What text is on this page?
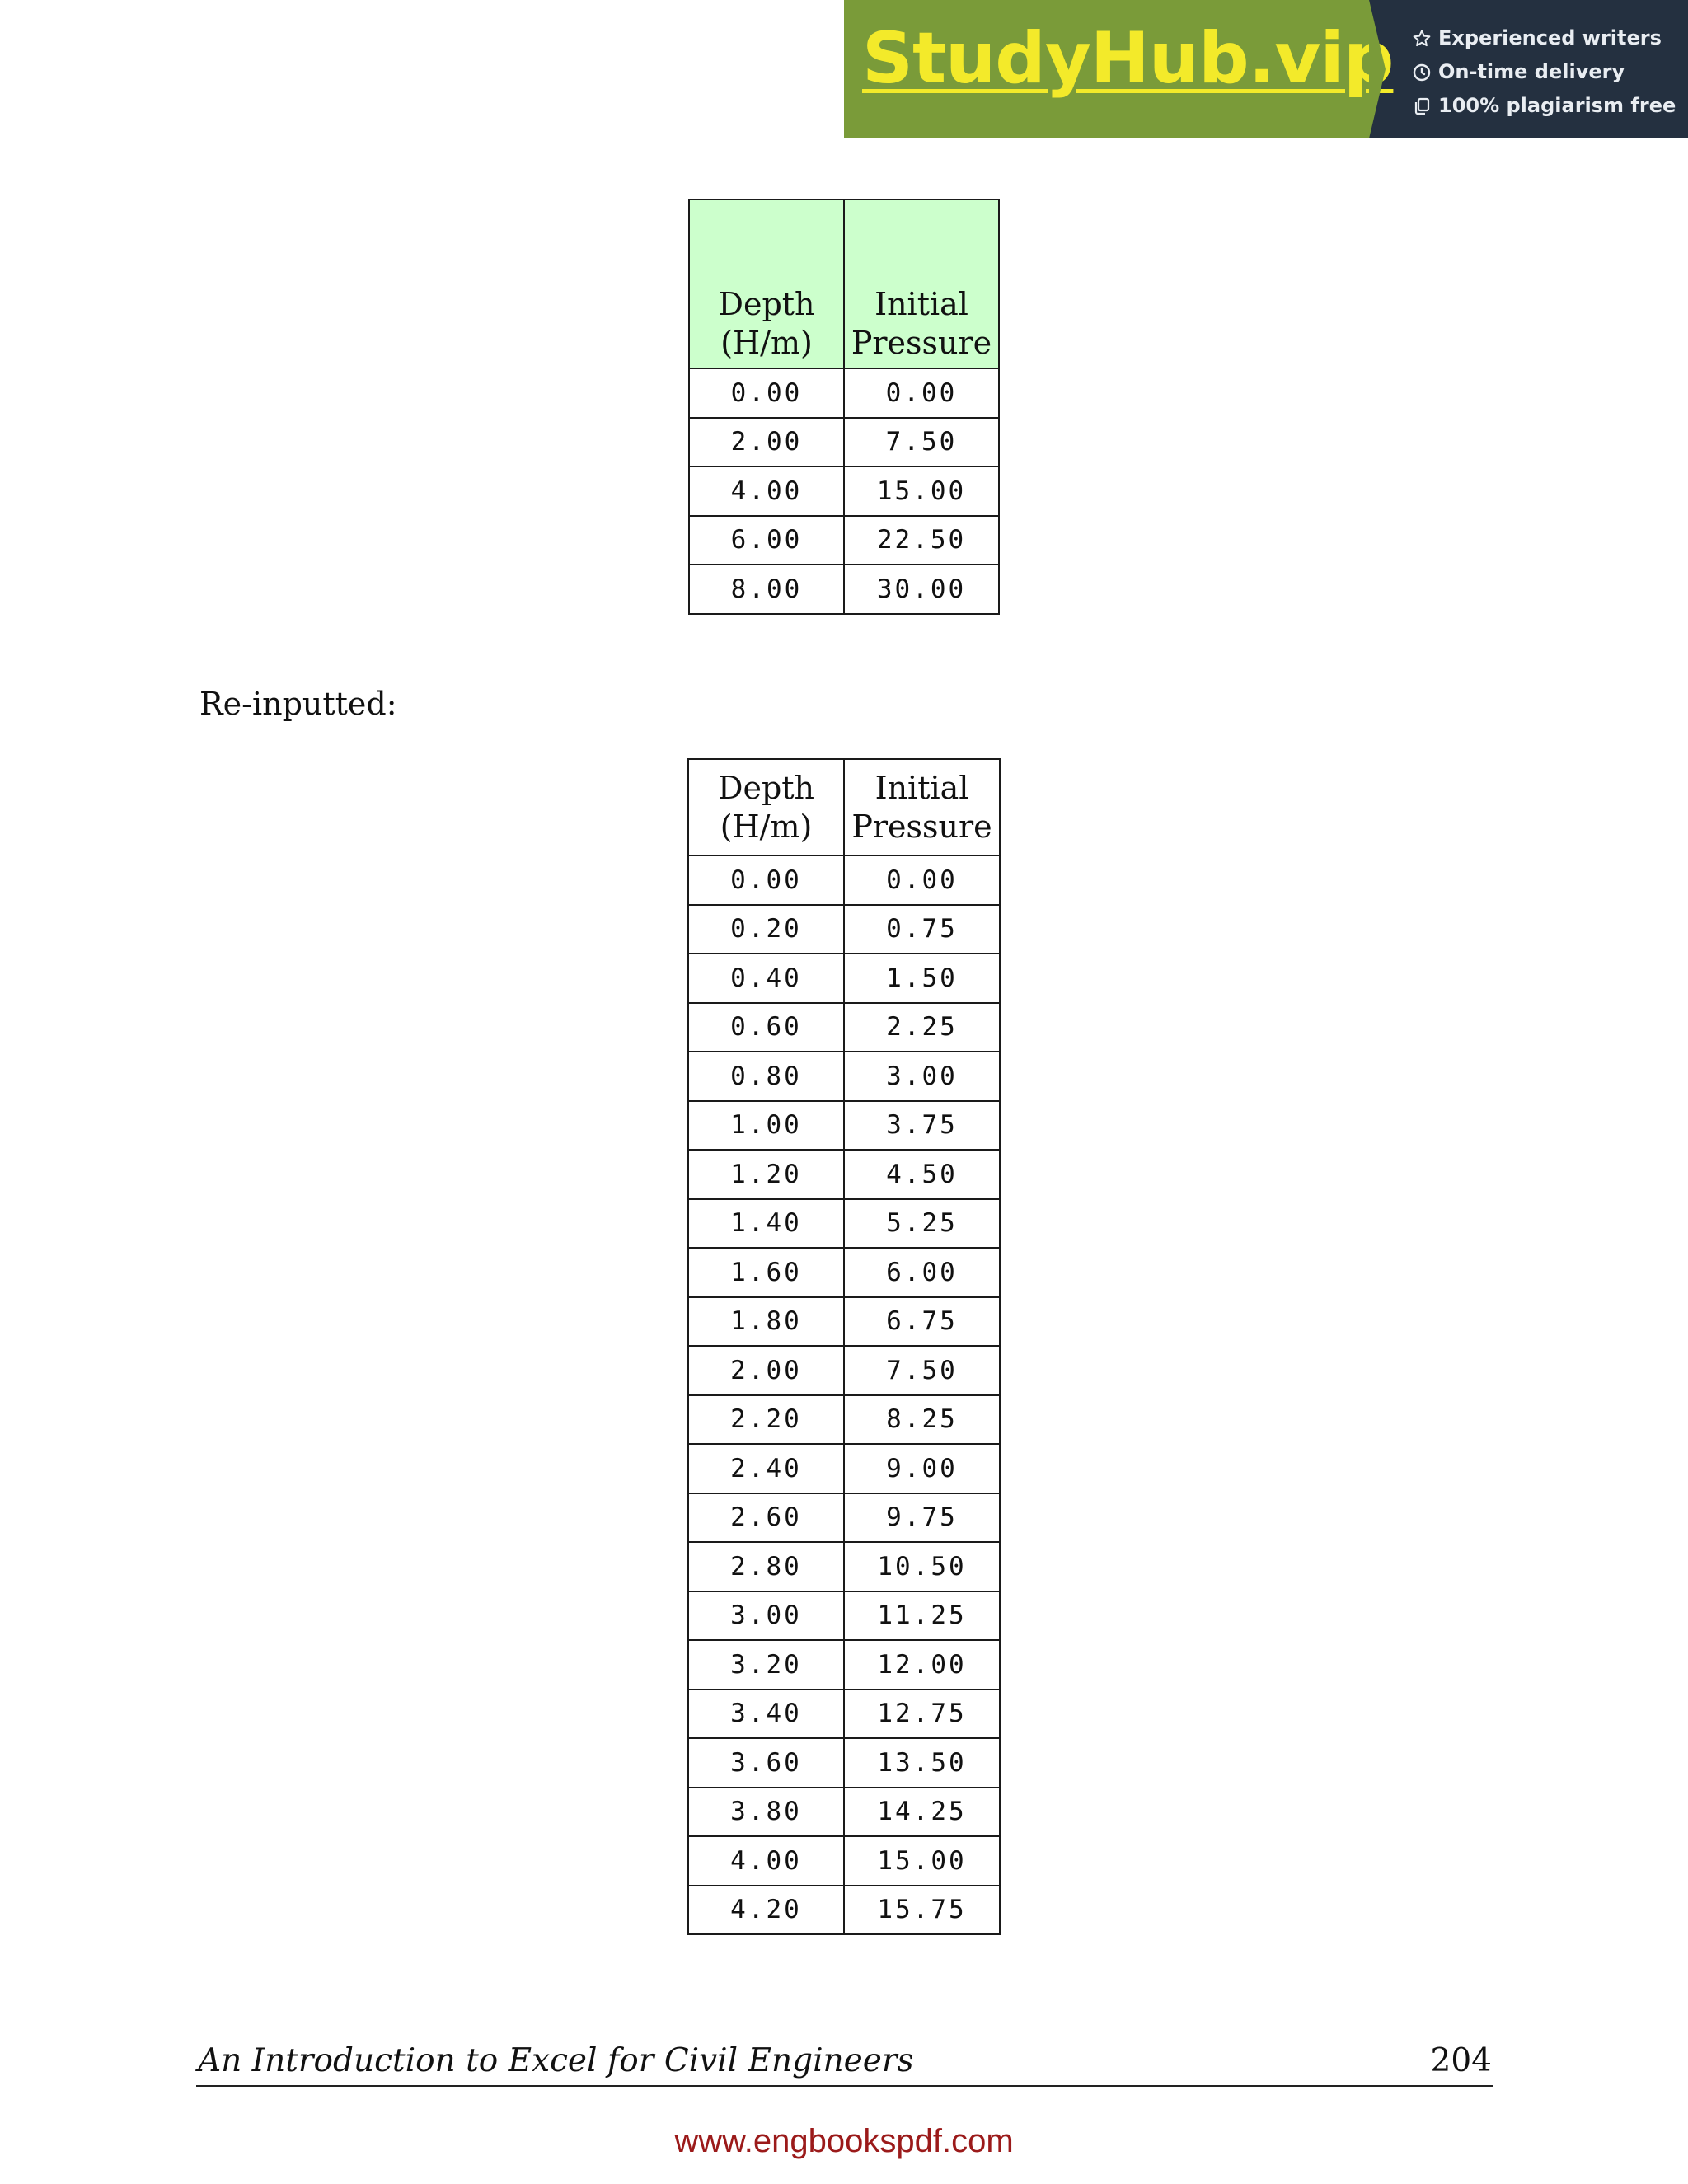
StudyHub.vip Experienced writers
On-time delivery
100% plagiarism free
Depth (H/m)	Initial Pressure
0.00	0.00
2.00	7.50
4.00	15.00
6.00	22.50
8.00	30.00
Re-inputted:
Depth (H/m)	Initial Pressure
0.00	0.00
0.20	0.75
0.40	1.50
0.60	2.25
0.80	3.00
1.00	3.75
1.20	4.50
1.40	5.25
1.60	6.00
1.80	6.75
2.00	7.50
2.20	8.25
2.40	9.00
2.60	9.75
2.80	10.50
3.00	11.25
3.20	12.00
3.40	12.75
3.60	13.50
3.80	14.25
4.00	15.00
4.20	15.75
An Introduction to Excel for Civil Engineers	204
www.engbookspdf.com
